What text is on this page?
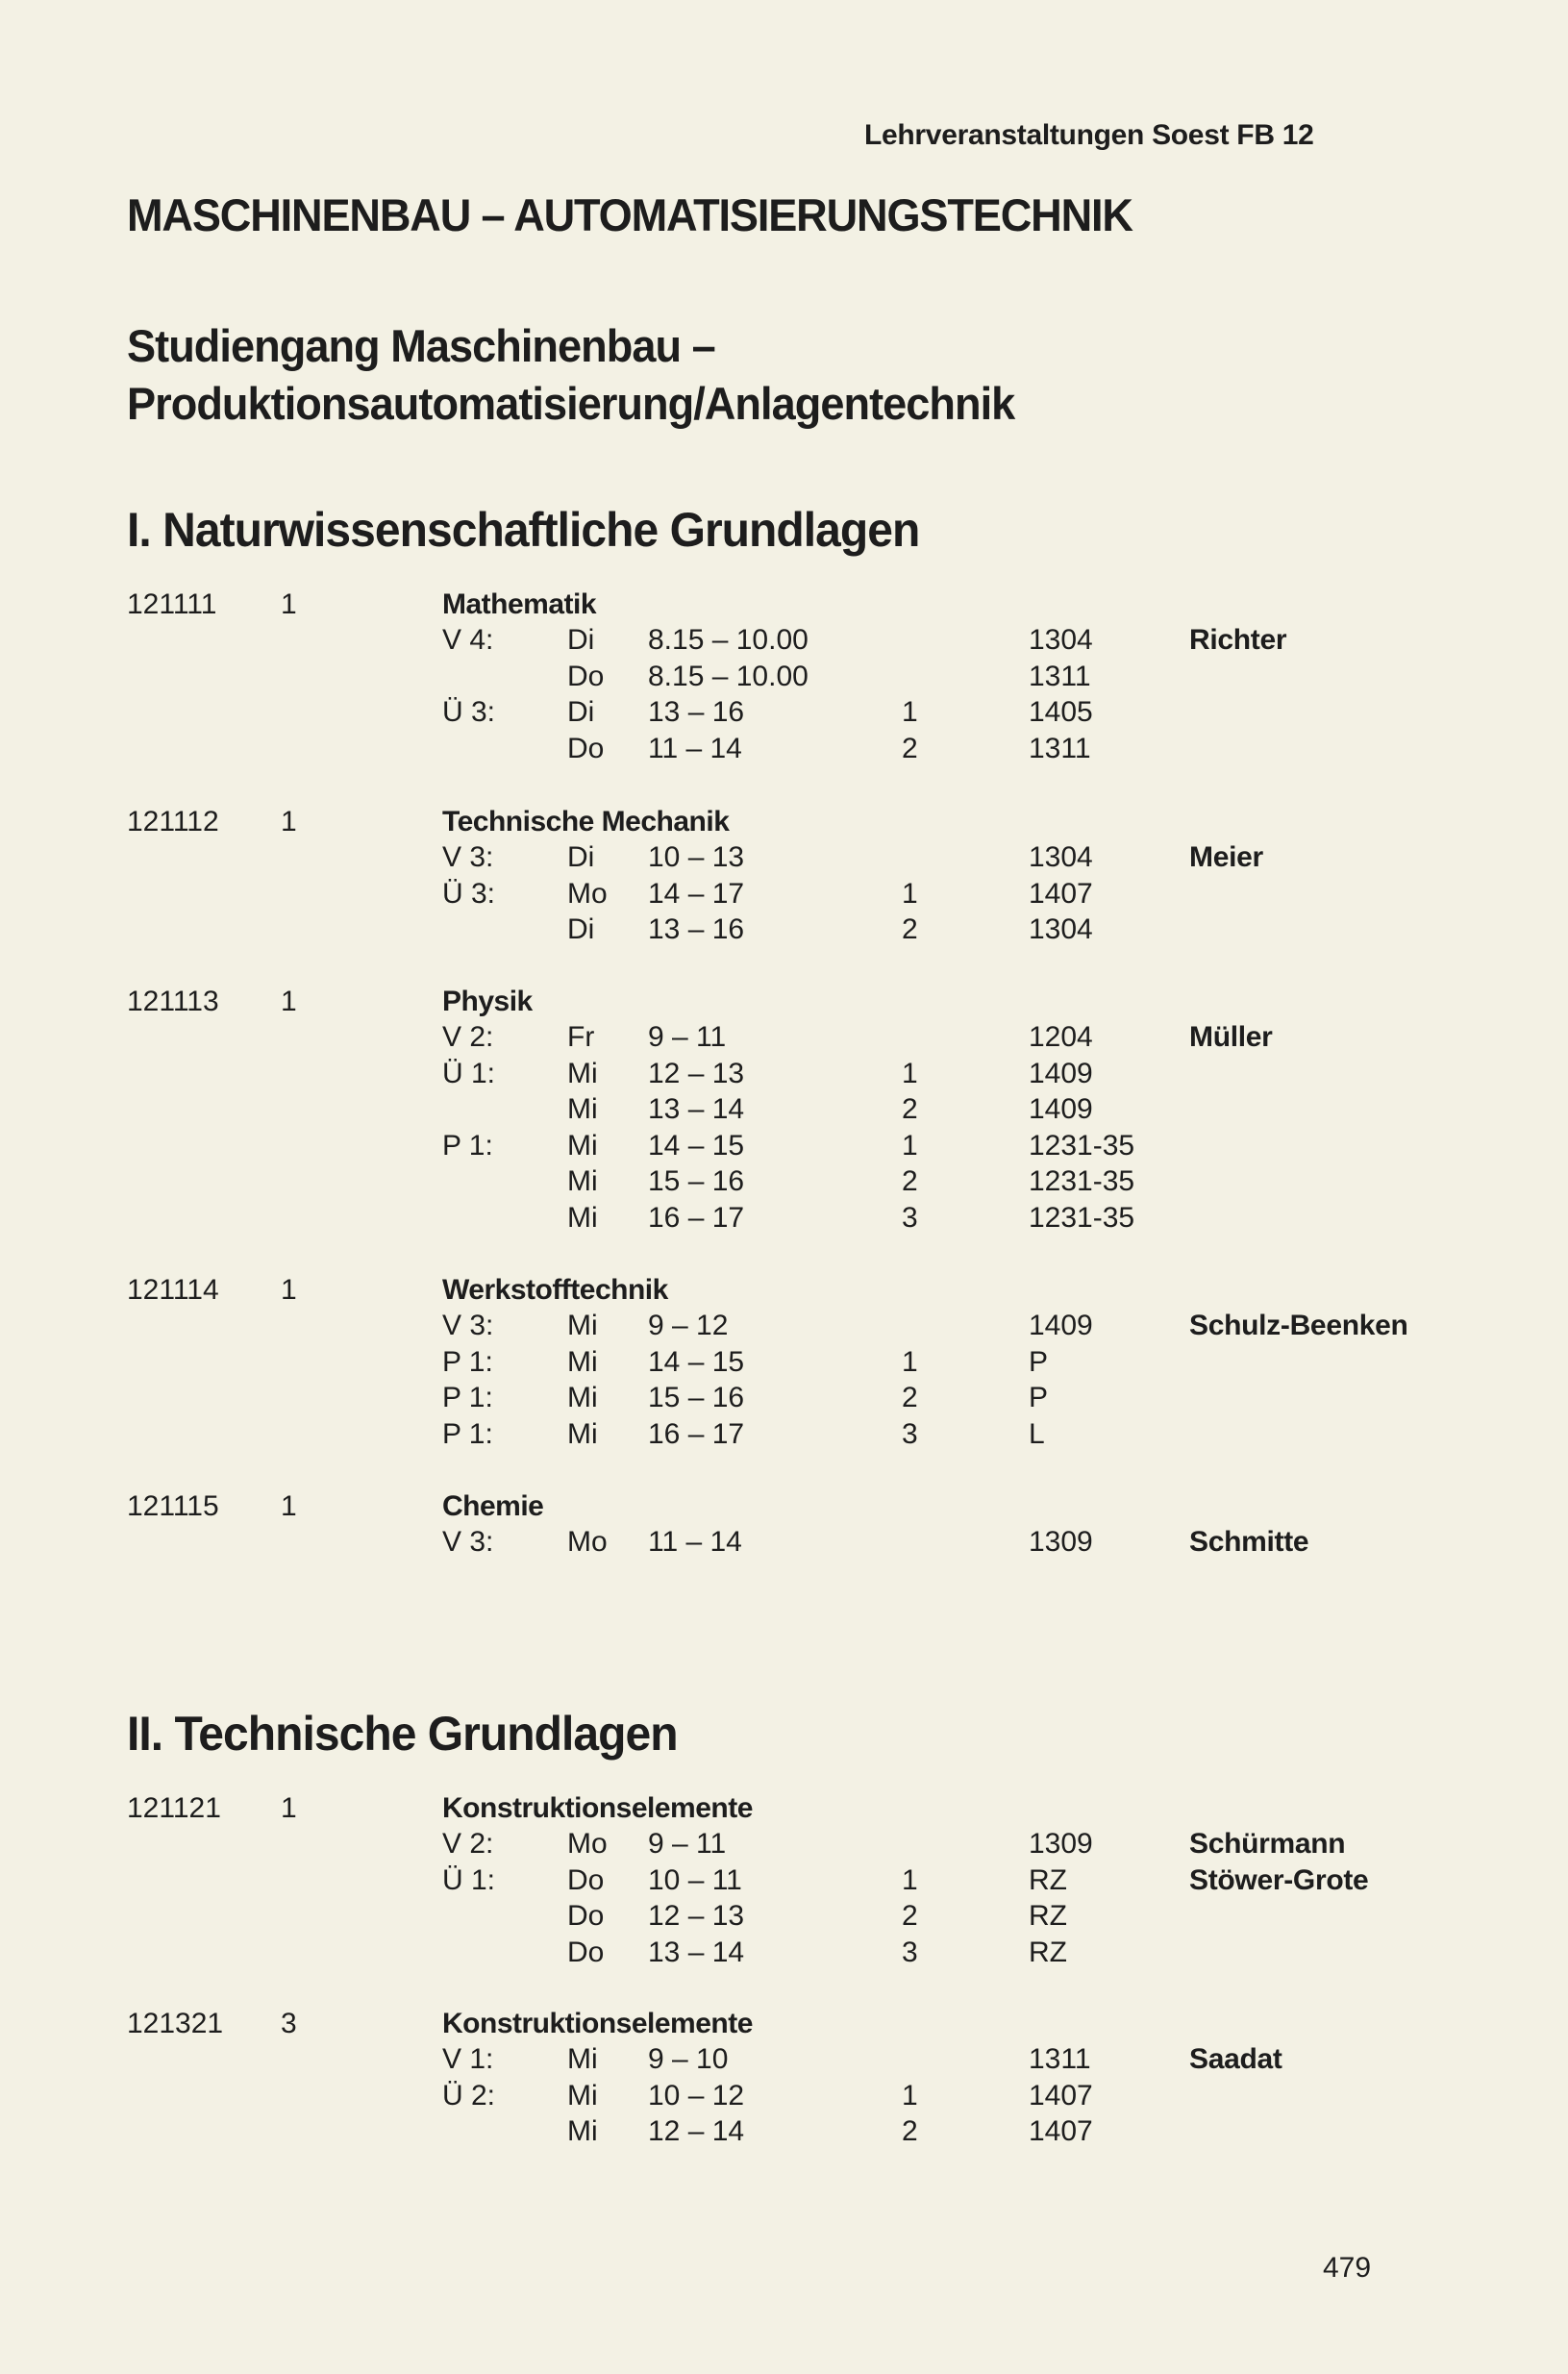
Lehrveranstaltungen Soest FB 12
MASCHINENBAU – AUTOMATISIERUNGSTECHNIK
Studiengang Maschinenbau –
Produktionsautomatisierung/Anlagentechnik
I. Naturwissenschaftliche Grundlagen
121111 1	Mathematik
V 4:	Di 8.15 – 10.00	1304	Richter
Do 8.15 – 10.00	1311
Ü 3: Di 13 – 16	1	1405
Do 11 – 14	2	1311
121112 1	Technische Mechanik
V 3:	Di 10 – 13	1304	Meier
Ü 3: Mo 14 – 17	1	1407
Di 13 – 16	2	1304
121113 1	Physik
V 2:	Fr 9 – 11	1204	Müller
Ü 1: Mi 12 – 13	1	1409
Mi 13 – 14	2	1409
P 1:	Mi 14 – 15	1	1231-35
Mi 15 – 16	2	1231-35
Mi 16 – 17	3	1231-35
121114 1	Werkstofftechnik
V 3:	Mi 9 – 12	1409	Schulz-Beenken
P 1:	Mi 14 – 15	1	P
P 1:	Mi 15 – 16	2	P
P 1:	Mi 16 – 17	3	L
121115 1	Chemie
V 3:	Mo 11 – 14	1309	Schmitte
II. Technische Grundlagen
121121 1	Konstruktionselemente
V 2:	Mo 9 – 11	1309	Schürmann
Ü 1: Do 10 – 11	1	RZ	Stöwer-Grote
Do 12 – 13	2	RZ
Do 13 – 14	3	RZ
121321 3	Konstruktionselemente
V 1:	Mi 9 – 10	1311	Saadat
Ü 2: Mi 10 – 12	1	1407
Mi 12 – 14	2	1407
479
